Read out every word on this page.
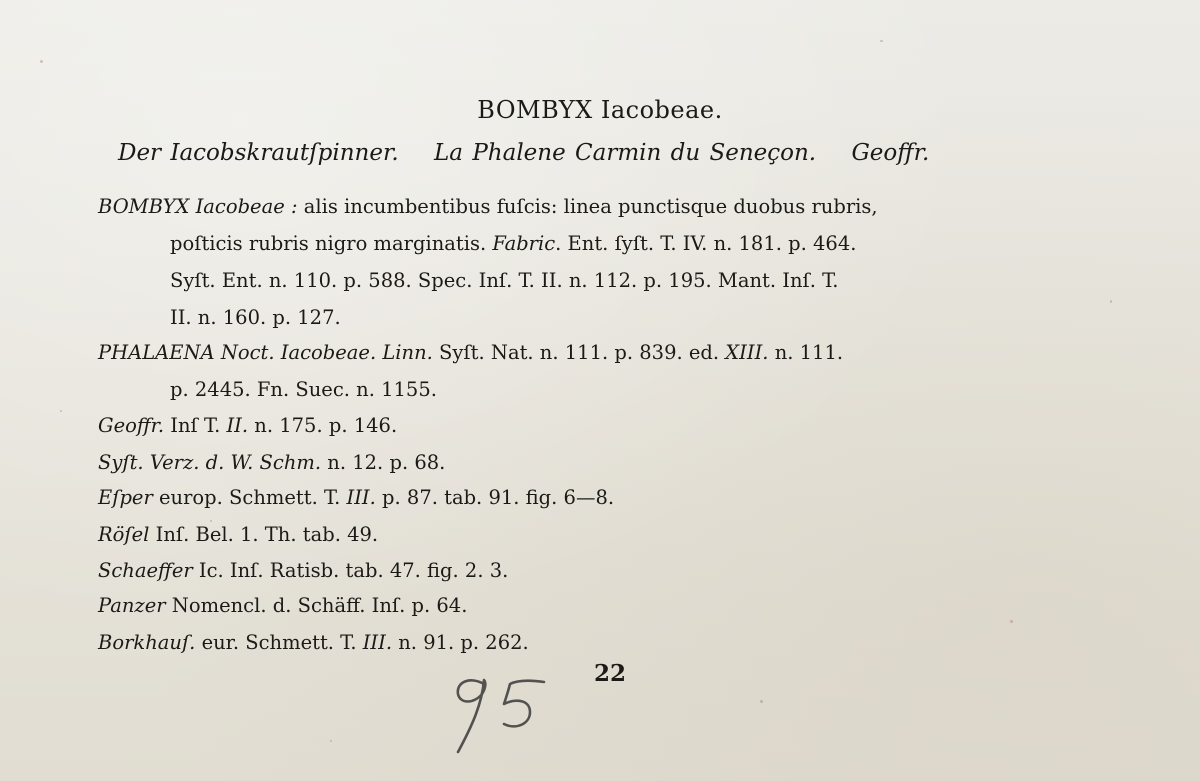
BOMBYX Iacobeae.
Der Iacobskrautſpinner. La Phalene Carmin du Seneçon. Geoffr.
BOMBYX Iacobeae : alis incumbentibus fuſcis: linea punctisque duobus rubris,
poſticis rubris nigro marginatis. Fabric. Ent. ſyſt. T. IV. n. 181. p. 464.
Syſt. Ent. n. 110. p. 588. Spec. Inſ. T. II. n. 112. p. 195. Mant. Inſ. T.
II. n. 160. p. 127.
PHALAENA Noct. Iacobeae. Linn. Syſt. Nat. n. 111. p. 839. ed. XIII. n. 111.
p. 2445. Fn. Suec. n. 1155.
Geoffr. Inſ T. II. n. 175. p. 146.
Syſt. Verz. d. W. Schm. n. 12. p. 68.
Eſper europ. Schmett. T. III. p. 87. tab. 91. fig. 6—8.
Röſel Inſ. Bel. 1. Th. tab. 49.
Schaeffer Ic. Inſ. Ratisb. tab. 47. fig. 2. 3.
Panzer Nomencl. d. Schäff. Inſ. p. 64.
Borkhauſ. eur. Schmett. T. III. n. 91. p. 262.
22
95
